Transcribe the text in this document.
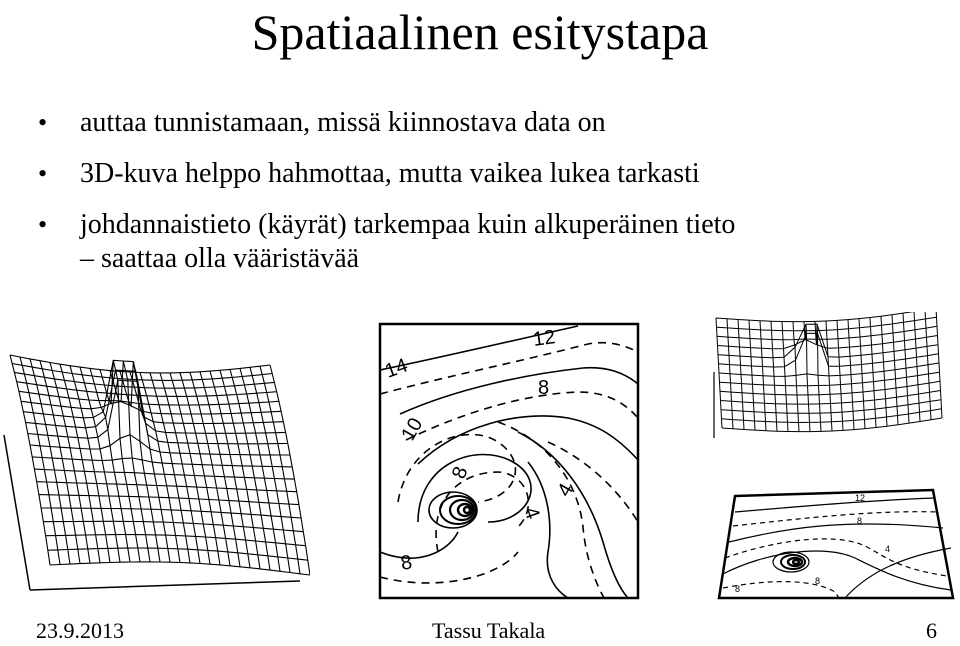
Spatiaalinen esitystapa
• auttaa tunnistamaan, missä kiinnostava data on
• 3D-kuva helppo hahmottaa, mutta vaikea lukea tarkasti
• johdannaistieto (käyrät) tarkempaa kuin alkuperäinen tieto
– saattaa olla vääristävää
12
14
8
10
8
4
4
8
12
8
4
8
8
23.9.2013	Tassu Takala	6
